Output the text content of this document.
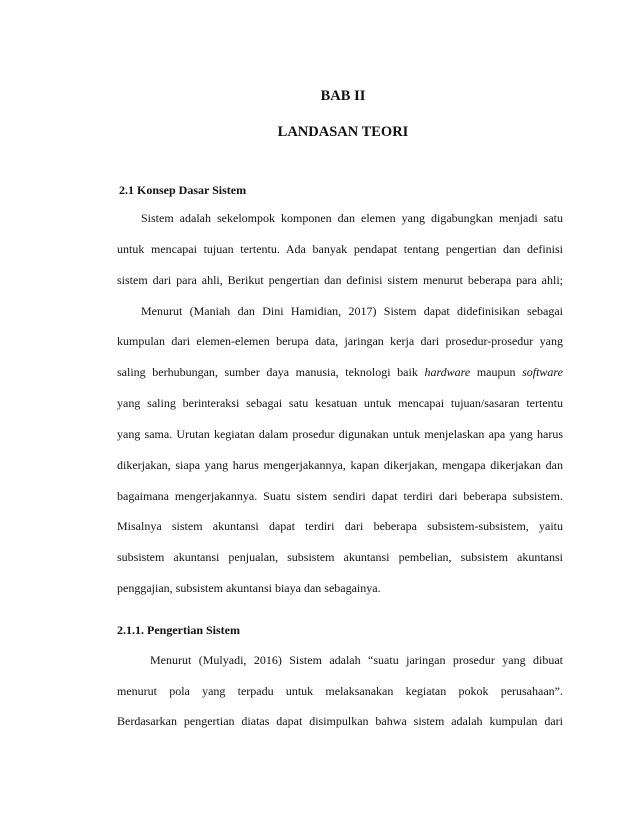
BAB II
LANDASAN TEORI
2.1 Konsep Dasar Sistem
Sistem adalah sekelompok komponen dan elemen yang digabungkan menjadi satu
untuk mencapai tujuan tertentu. Ada banyak pendapat tentang pengertian dan definisi
sistem dari para ahli, Berikut pengertian dan definisi sistem menurut beberapa para ahli;
Menurut (Maniah dan Dini Hamidian, 2017) Sistem dapat didefinisikan sebagai
kumpulan dari elemen-elemen berupa data, jaringan kerja dari prosedur-prosedur yang
saling berhubungan, sumber daya manusia, teknologi baik hardware maupun software
yang saling berinteraksi sebagai satu kesatuan untuk mencapai tujuan/sasaran tertentu
yang sama. Urutan kegiatan dalam prosedur digunakan untuk menjelaskan apa yang harus
dikerjakan, siapa yang harus mengerjakannya, kapan dikerjakan, mengapa dikerjakan dan
bagaimana mengerjakannya. Suatu sistem sendiri dapat terdiri dari beberapa subsistem.
Misalnya sistem akuntansi dapat terdiri dari beberapa subsistem-subsistem, yaitu
subsistem akuntansi penjualan, subsistem akuntansi pembelian, subsistem akuntansi
penggajian, subsistem akuntansi biaya dan sebagainya.
2.1.1. Pengertian Sistem
Menurut (Mulyadi, 2016) Sistem adalah “suatu jaringan prosedur yang dibuat
menurut pola yang terpadu untuk melaksanakan kegiatan pokok perusahaan”.
Berdasarkan pengertian diatas dapat disimpulkan bahwa sistem adalah kumpulan dari
